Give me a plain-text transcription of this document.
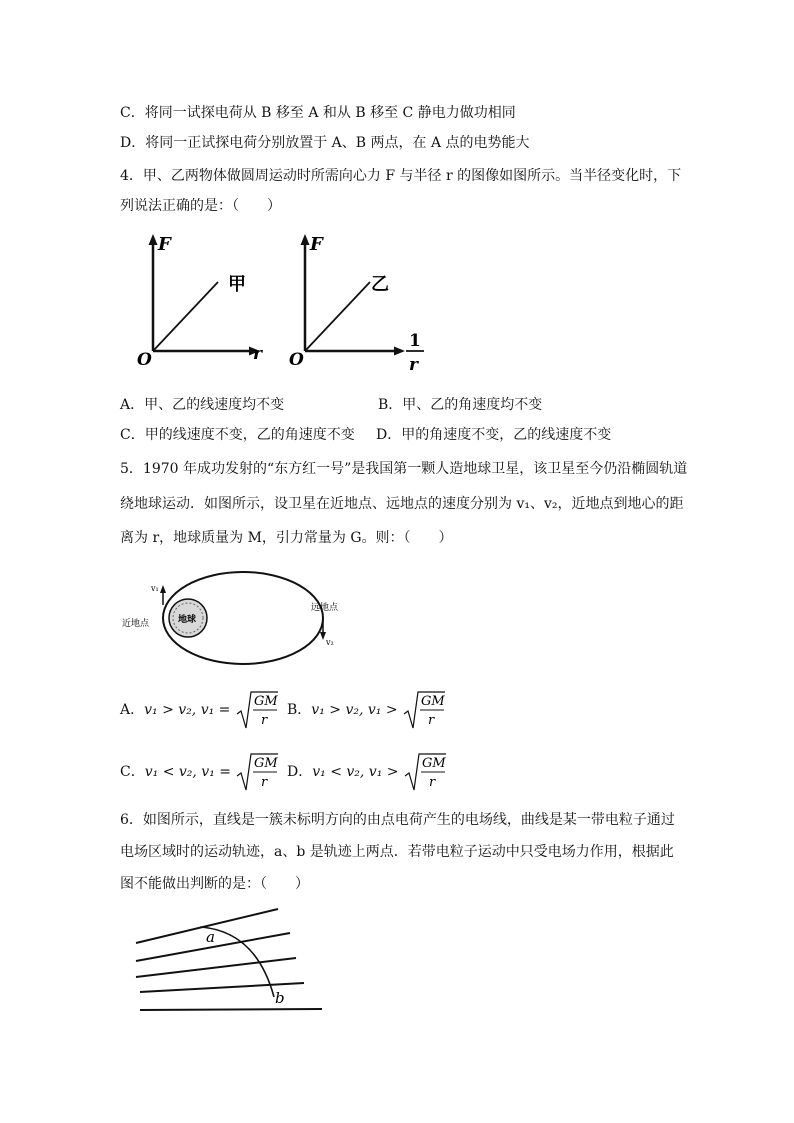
C．将同一试探电荷从 B 移至 A 和从 B 移至 C 静电力做功相同
D．将同一正试探电荷分别放置于 A、B 两点，在 A 点的电势能大
4．甲、乙两物体做圆周运动时所需向心力 F 与半径 r 的图像如图所示。当半径变化时，下
列说法正确的是：（　　）
F
r
O
甲
F
1
r
O
乙
A．甲、乙的线速度均不变	B．甲、乙的角速度均不变
C．甲的线速度不变，乙的角速度不变 D．甲的角速度不变，乙的线速度不变
5．1970 年成功发射的“东方红一号”是我国第一颗人造地球卫星，该卫星至今仍沿椭圆轨道
绕地球运动．如图所示，设卫星在近地点、远地点的速度分别为 v₁、v₂，近地点到地心的距
离为 r，地球质量为 M，引力常量为 G。则：（　　）
地球
v₁
近地点
v₂
远地点
A．v₁ > v₂, v₁ =
GM
r
B．v₁ > v₂, v₁ >
GM
r
C．v₁ < v₂, v₁ =
GM
r
D．v₁ < v₂, v₁ >
GM
r
6．如图所示，直线是一簇未标明方向的由点电荷产生的电场线，曲线是某一带电粒子通过
电场区域时的运动轨迹，a、b 是轨迹上两点．若带电粒子运动中只受电场力作用，根据此
图不能做出判断的是：（　　）
a
b
